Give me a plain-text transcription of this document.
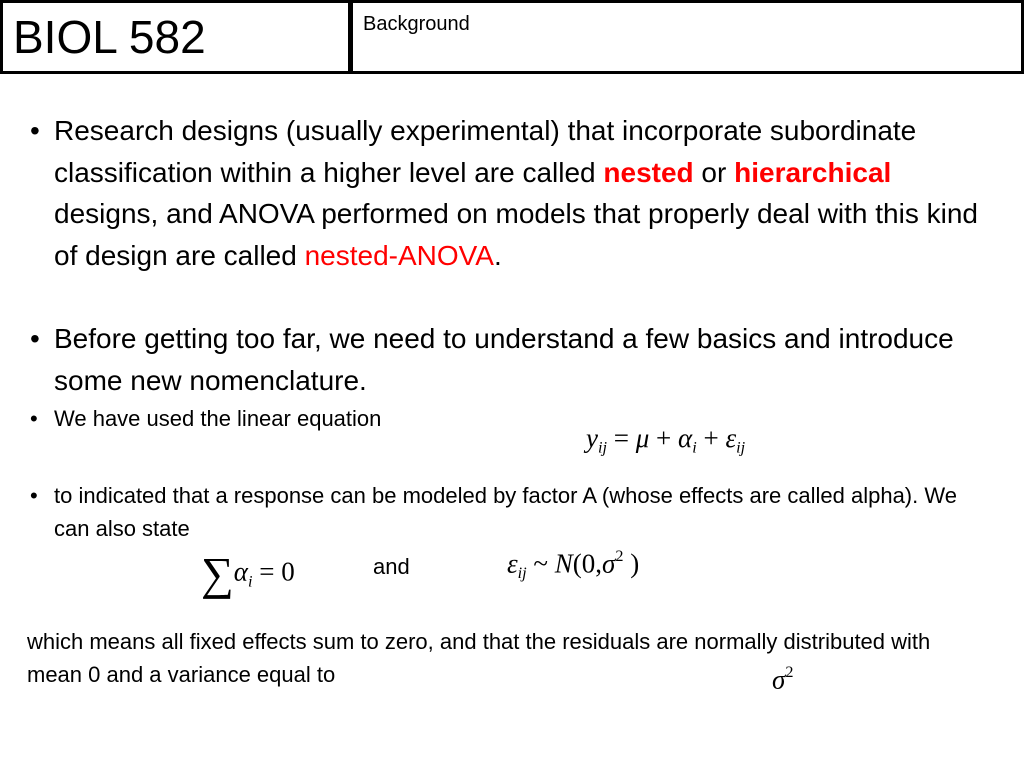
BIOL 582	Background
• Research designs (usually experimental) that incorporate subordinate classification within a higher level are called nested or hierarchical designs, and ANOVA performed on models that properly deal with this kind of design are called nested-ANOVA.
• Before getting too far, we need to understand a few basics and introduce some new nomenclature.
• We have used the linear equation
$y_{ij} = \mu + \alpha_i + \varepsilon_{ij}$
• to indicated that a response can be modeled by factor A (whose effects are called alpha). We can also state
$\sum\alpha_i = 0$	and	$\varepsilon_{ij}$ ~ $N(0,\sigma^2$ )
which means all fixed effects sum to zero, and that the residuals are normally distributed with mean 0 and a variance equal to	$\sigma^2$
